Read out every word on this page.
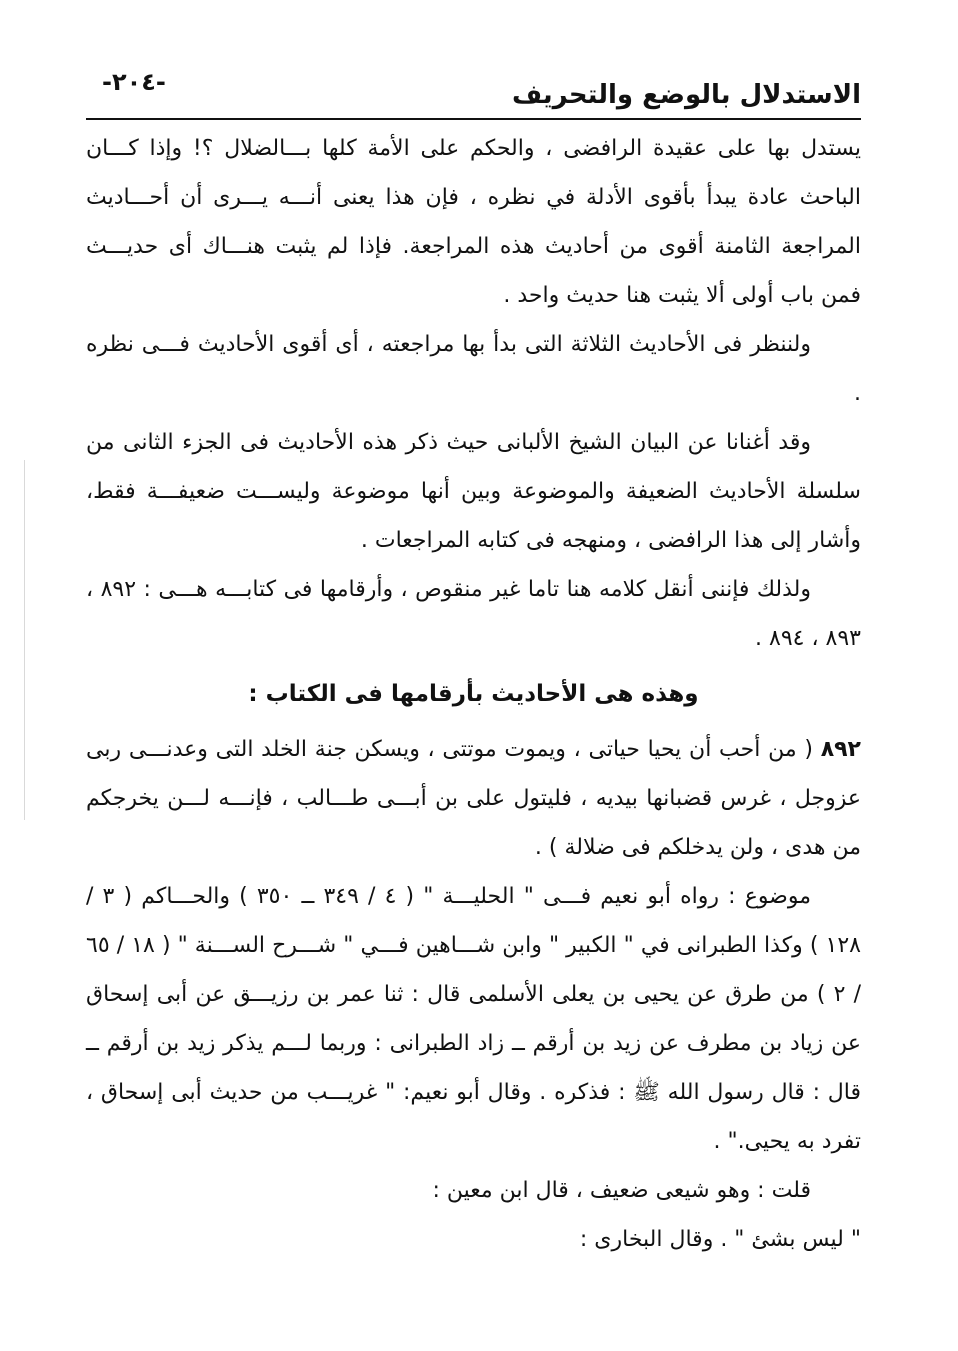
الاستدلال بالوضع والتحريف
-٢٠٤-

يستدل بها على عقيدة الرافضى ، والحكم على الأمة كلها بـــالضلال ؟! وإذا كـــان الباحث عادة يبدأ بأقوى الأدلة في نظره ، فإن هذا يعنى أنـــه يـــرى أن أحـــاديث المراجعة الثامنة أقوى من أحاديث هذه المراجعة. فإذا لم يثبت هنـــاك أى حديـــث فمن باب أولى ألا يثبت هنا حديث واحد .

ولننظر فى الأحاديث الثلاثة التى بدأ بها مراجعته ، أى أقوى الأحاديث فـــى نظره .

وقد أغنانا عن البيان الشيخ الألبانى حيث ذكر هذه الأحاديث فى الجزء الثانى من سلسلة الأحاديث الضعيفة والموضوعة وبين أنها موضوعة وليســـت ضعيفـــة فقط، وأشار إلى هذا الرافضى ، ومنهجه فى كتابه المراجعات .

ولذلك فإننى أنقل كلامه هنا تاما غير منقوص ، وأرقامها فى كتابـــه هـــى : ٨٩٢ ، ٨٩٣ ، ٨٩٤ .

وهذه هى الأحاديث بأرقامها فى الكتاب :

٨٩٢ ( من أحب أن يحيا حياتى ، ويموت موتتى ، ويسكن جنة الخلد التى وعدنـــى ربى عزوجل ، غرس قضبانها بيديه ، فليتول على بن أبـــى طـــالب ، فإنـــه لـــن يخرجكم من هدى ، ولن يدخلكم فى ضلالة ) .

موضوع : رواه أبو نعيم فـــى " الحليـــة " ( ٤ / ٣٤٩ ــ ٣٥٠ ) والحـــاكم ( ٣ / ١٢٨ ) وكذا الطبرانى في " الكبير " وابن شـــاهين فـــي " شـــرح الســـنة " ( ١٨ / ٦٥ / ٢ ) من طرق عن يحيى بن يعلى الأسلمى قال : ثنا عمر بن رزيـــق عن أبى إسحاق عن زياد بن مطرف عن زيد بن أرقم ــ زاد الطبرانى : وربما لـــم يذكر زيد بن أرقم ــ قال : قال رسول الله ﷺ : فذكره . وقال أبو نعيم: " غريـــب من حديث أبى إسحاق ، تفرد به يحيى." .

قلت : وهو شيعى ضعيف ، قال ابن معين :

" ليس بشئ " . وقال البخارى :
